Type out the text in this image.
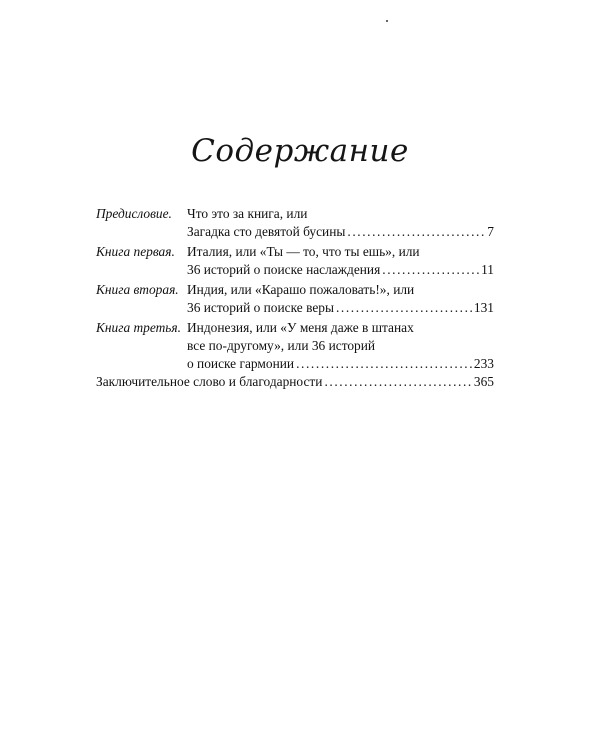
Содержание
Предисловие. Что это за книга, или
Загадка сто девятой бусины .....	7
Книга первая. Италия, или «Ты — то, что ты ешь», или
36 историй о поиске наслаждения .....	11
Книга вторая. Индия, или «Карашо пожаловать!», или
36 историй о поиске веры .....	131
Книга третья. Индонезия, или «У меня даже в штанах
все по-другому», или 36 историй
о поиске гармонии .....	233
Заключительное слово и благодарности .....	365
